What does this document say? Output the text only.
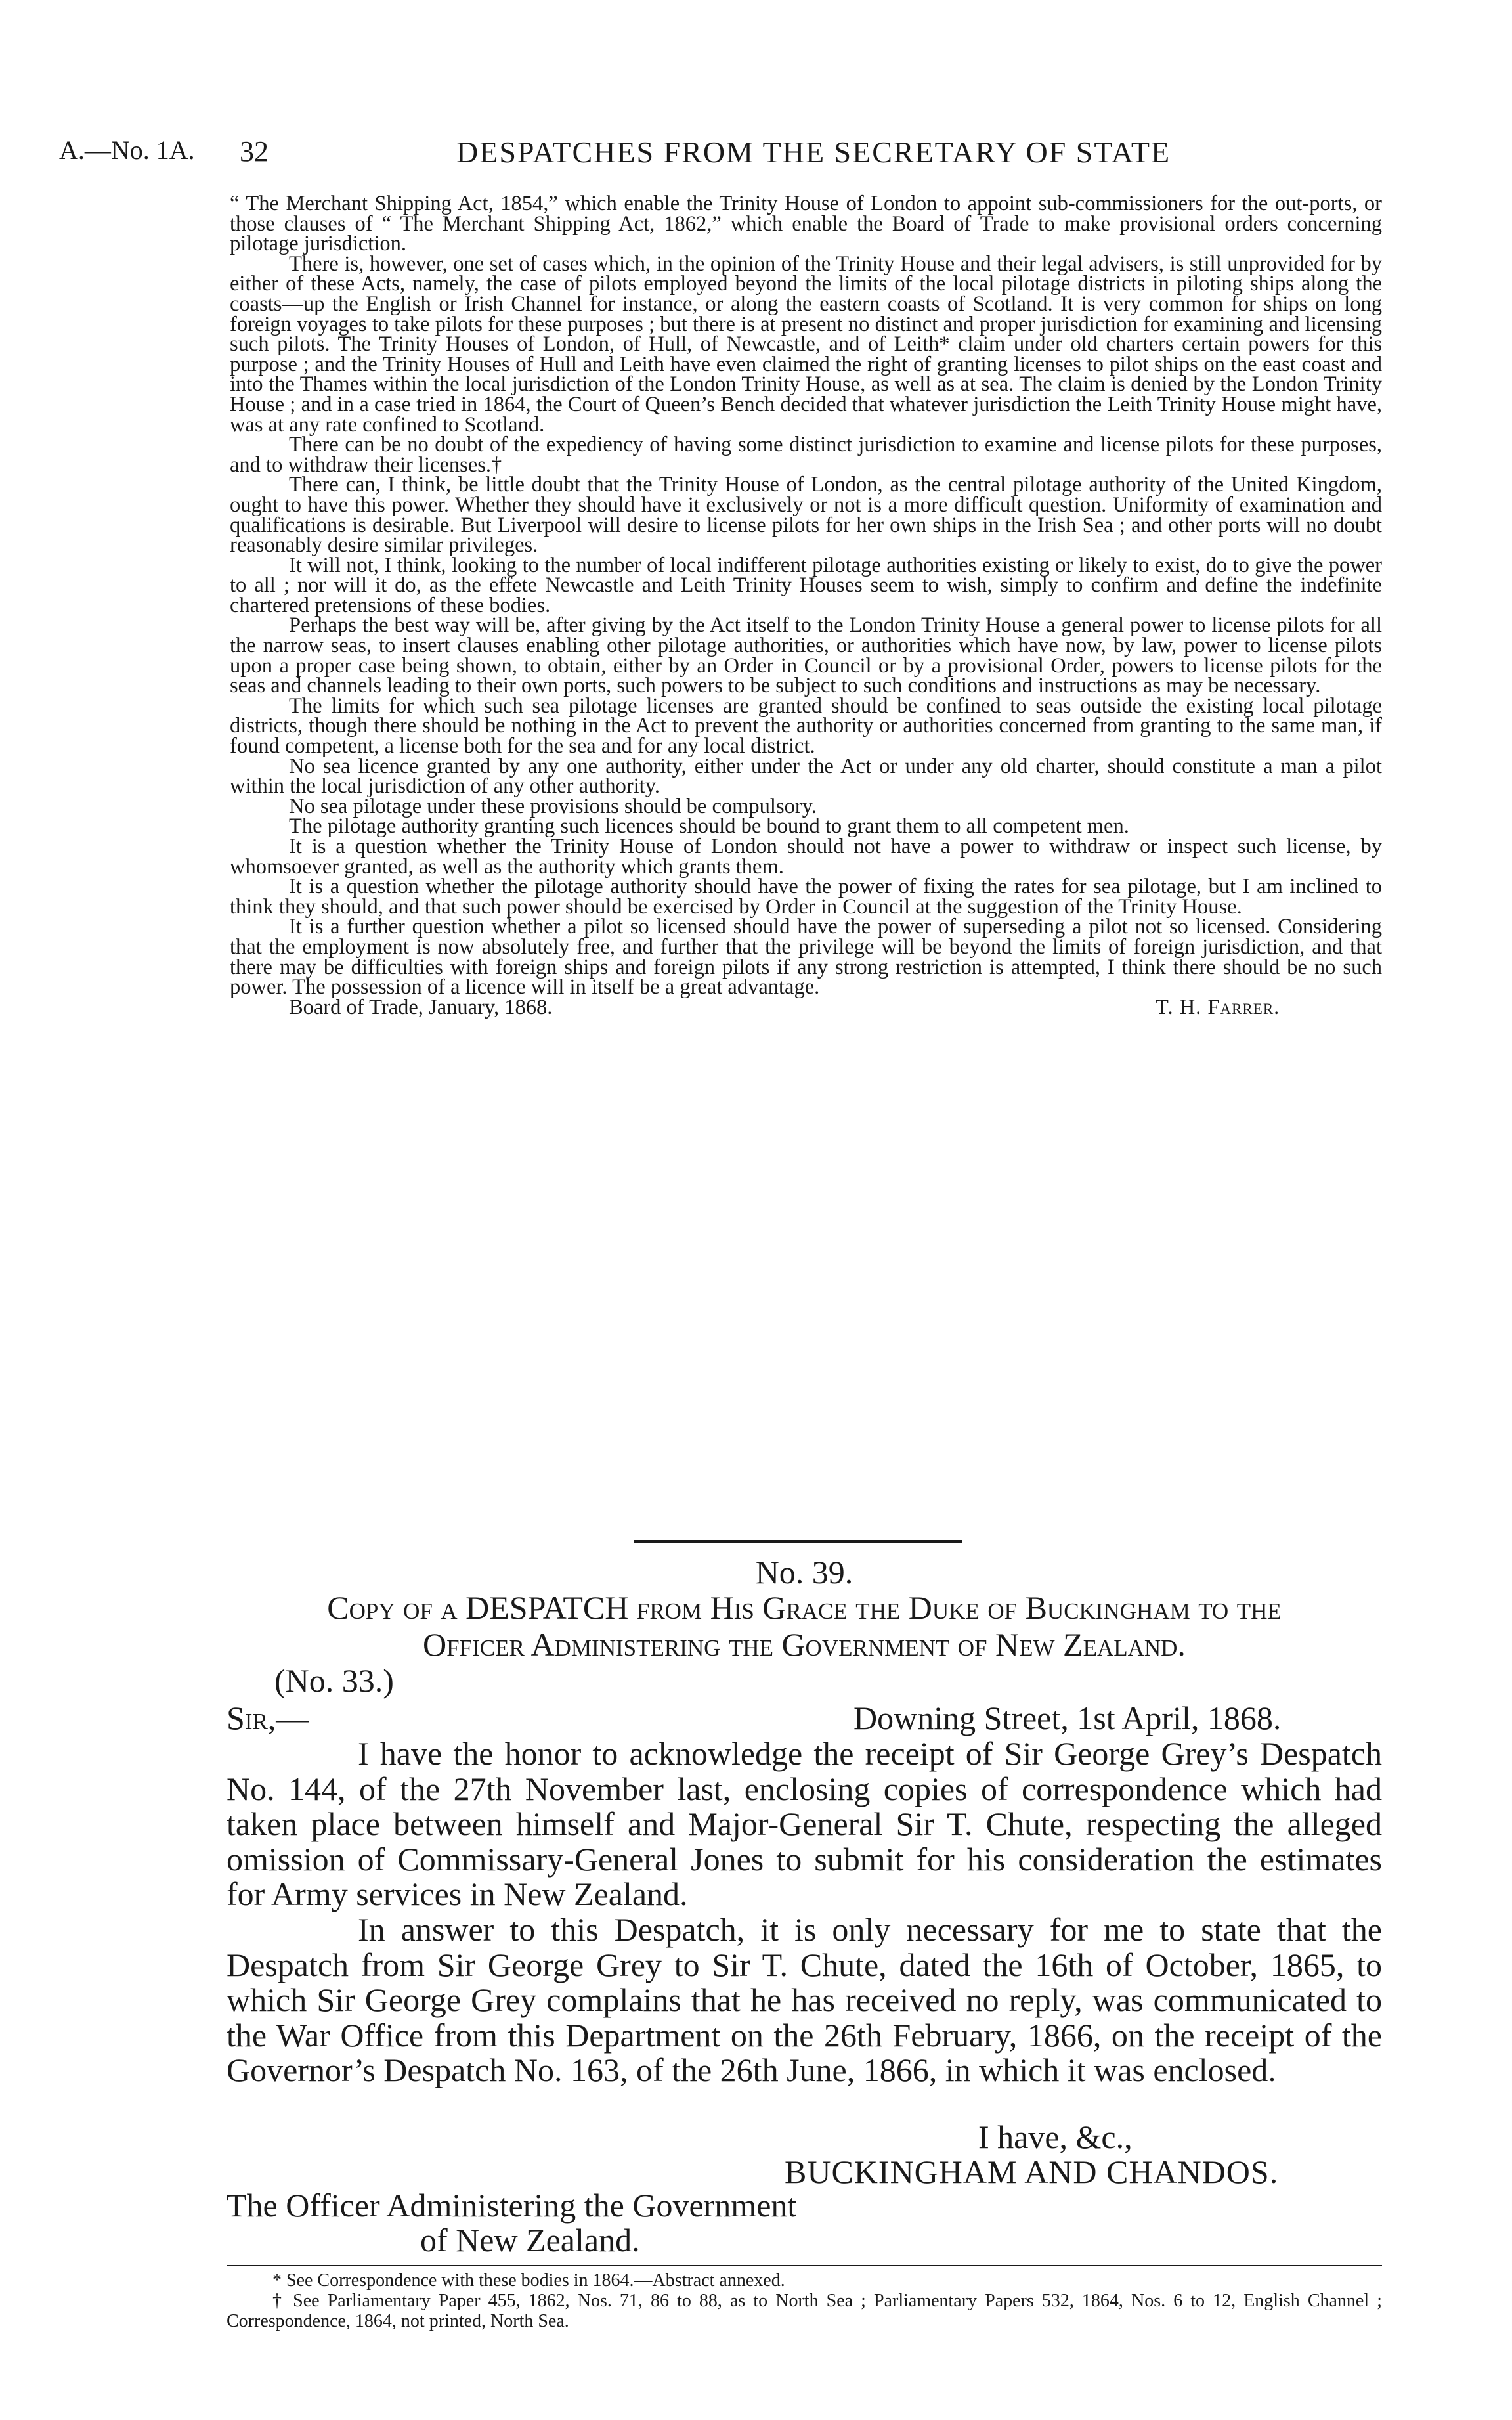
A.—No. 1A. 32	DESPATCHES FROM THE SECRETARY OF STATE

“ The Merchant Shipping Act, 1854,” which enable the Trinity House of London to appoint sub-commissioners for the out-ports, or those clauses of “ The Merchant Shipping Act, 1862,” which enable the Board of Trade to make provisional orders concerning pilotage jurisdiction.

There is, however, one set of cases which, in the opinion of the Trinity House and their legal advisers, is still unprovided for by either of these Acts, namely, the case of pilots employed beyond the limits of the local pilotage districts in piloting ships along the coasts—up the English or Irish Channel for instance, or along the eastern coasts of Scotland. It is very common for ships on long foreign voyages to take pilots for these purposes ; but there is at present no distinct and proper jurisdiction for examining and licensing such pilots. The Trinity Houses of London, of Hull, of Newcastle, and of Leith* claim under old charters certain powers for this purpose ; and the Trinity Houses of Hull and Leith have even claimed the right of granting licenses to pilot ships on the east coast and into the Thames within the local jurisdiction of the London Trinity House, as well as at sea. The claim is denied by the London Trinity House ; and in a case tried in 1864, the Court of Queen’s Bench decided that whatever jurisdiction the Leith Trinity House might have, was at any rate confined to Scotland.

There can be no doubt of the expediency of having some distinct jurisdiction to examine and license pilots for these purposes, and to withdraw their licenses.†

There can, I think, be little doubt that the Trinity House of London, as the central pilotage authority of the United Kingdom, ought to have this power. Whether they should have it exclusively or not is a more difficult question. Uniformity of examination and qualifications is desirable. But Liverpool will desire to license pilots for her own ships in the Irish Sea ; and other ports will no doubt reasonably desire similar privileges.

It will not, I think, looking to the number of local indifferent pilotage authorities existing or likely to exist, do to give the power to all ; nor will it do, as the effete Newcastle and Leith Trinity Houses seem to wish, simply to confirm and define the indefinite chartered pretensions of these bodies.

Perhaps the best way will be, after giving by the Act itself to the London Trinity House a general power to license pilots for all the narrow seas, to insert clauses enabling other pilotage authorities, or authorities which have now, by law, power to license pilots upon a proper case being shown, to obtain, either by an Order in Council or by a provisional Order, powers to license pilots for the seas and channels leading to their own ports, such powers to be subject to such conditions and instructions as may be necessary.

The limits for which such sea pilotage licenses are granted should be confined to seas outside the existing local pilotage districts, though there should be nothing in the Act to prevent the authority or authorities concerned from granting to the same man, if found competent, a license both for the sea and for any local district.

No sea licence granted by any one authority, either under the Act or under any old charter, should constitute a man a pilot within the local jurisdiction of any other authority.

No sea pilotage under these provisions should be compulsory.

The pilotage authority granting such licences should be bound to grant them to all competent men.

It is a question whether the Trinity House of London should not have a power to withdraw or inspect such license, by whomsoever granted, as well as the authority which grants them.

It is a question whether the pilotage authority should have the power of fixing the rates for sea pilotage, but I am inclined to think they should, and that such power should be exercised by Order in Council at the suggestion of the Trinity House.

It is a further question whether a pilot so licensed should have the power of superseding a pilot not so licensed. Considering that the employment is now absolutely free, and further that the privilege will be beyond the limits of foreign jurisdiction, and that there may be difficulties with foreign ships and foreign pilots if any strong restriction is attempted, I think there should be no such power. The possession of a licence will in itself be a great advantage.

Board of Trade, January, 1868.	T. H. Farrer.
No. 39.
Copy of a DESPATCH from His Grace the Duke of Buckingham to the
Officer Administering the Government of New Zealand.
(No. 33.)
Sir,—	Downing Street, 1st April, 1868.

I have the honor to acknowledge the receipt of Sir George Grey’s Despatch No. 144, of the 27th November last, enclosing copies of correspondence which had taken place between himself and Major-General Sir T. Chute, respecting the alleged omission of Commissary-General Jones to submit for his consideration the estimates for Army services in New Zealand.

In answer to this Despatch, it is only necessary for me to state that the Despatch from Sir George Grey to Sir T. Chute, dated the 16th of October, 1865, to which Sir George Grey complains that he has received no reply, was communicated to the War Office from this Department on the 26th February, 1866, on the receipt of the Governor’s Despatch No. 163, of the 26th June, 1866, in which it was enclosed.

I have, &c.,
BUCKINGHAM AND CHANDOS.
The Officer Administering the Government
of New Zealand.

* See Correspondence with these bodies in 1864.—Abstract annexed.

† See Parliamentary Paper 455, 1862, Nos. 71, 86 to 88, as to North Sea ; Parliamentary Papers 532, 1864, Nos. 6 to 12, English Channel ; Correspondence, 1864, not printed, North Sea.
